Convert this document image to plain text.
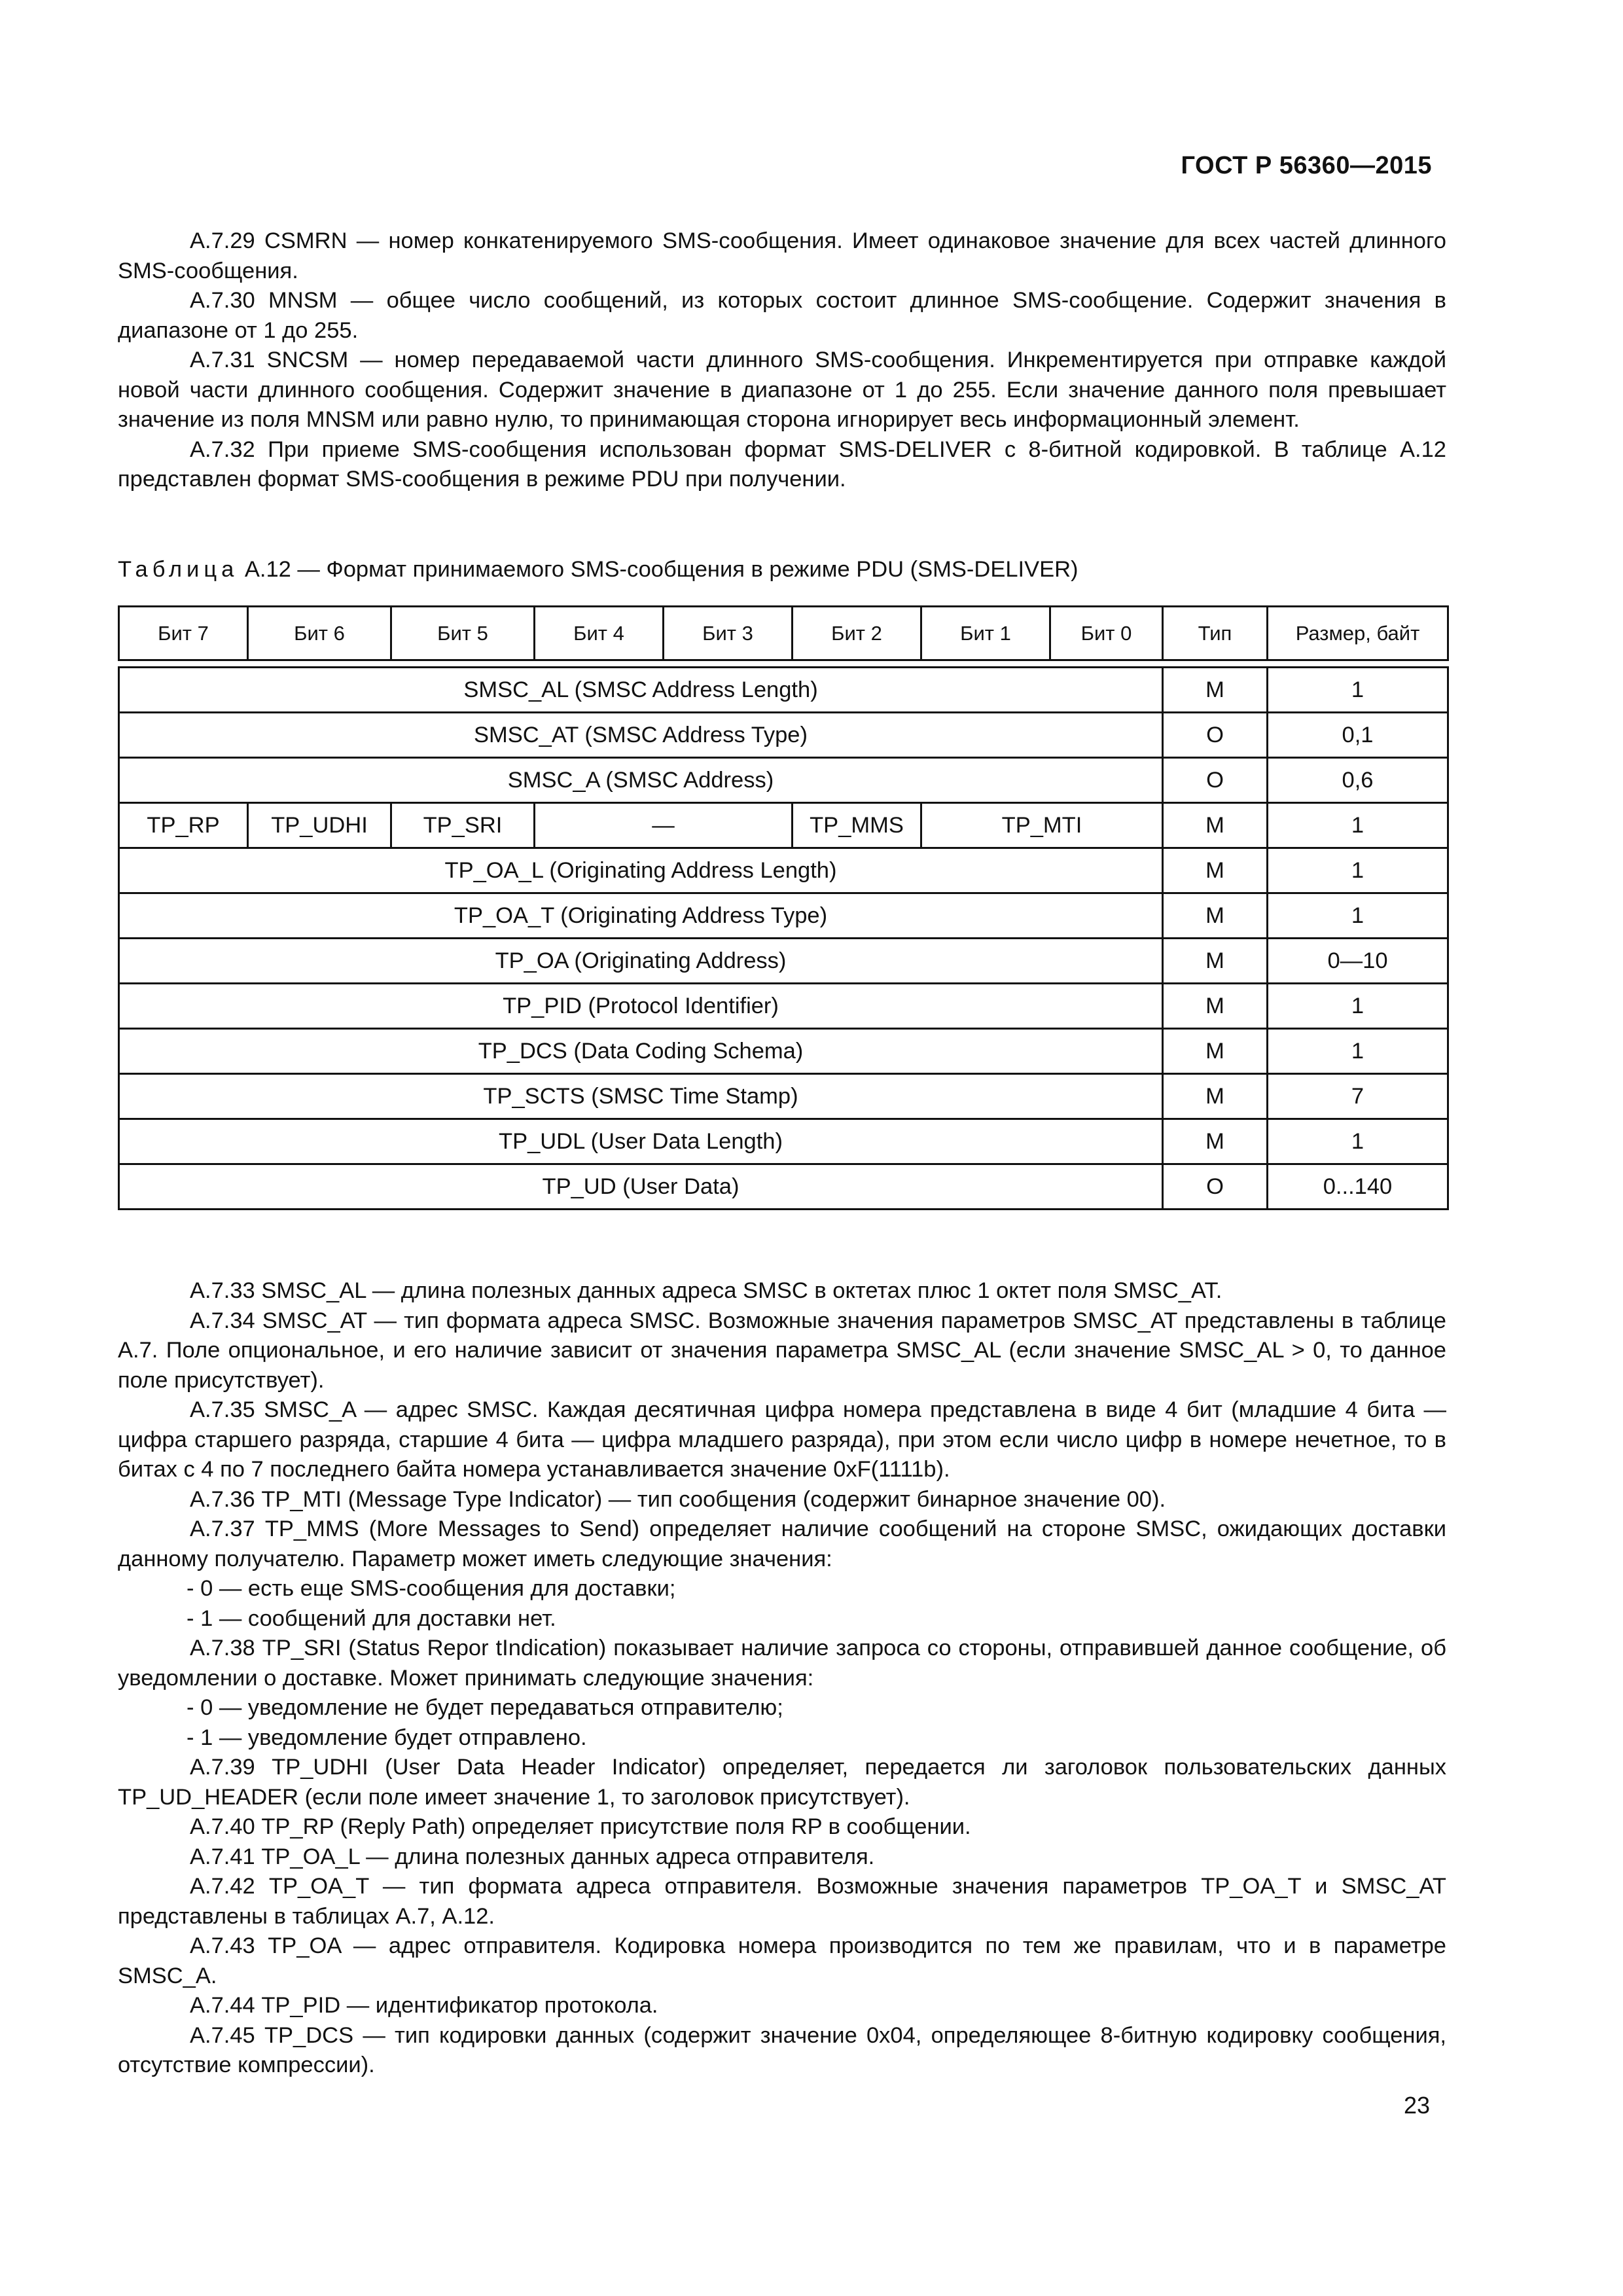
ГОСТ Р 56360—2015

А.7.29 CSMRN — номер конкатенируемого SMS-сообщения. Имеет одинаковое значение для всех частей длинного SMS-сообщения.

А.7.30 MNSM — общее число сообщений, из которых состоит длинное SMS-сообщение. Содержит значения в диапазоне от 1 до 255.

А.7.31 SNCSM — номер передаваемой части длинного SMS-сообщения. Инкрементируется при отправке каждой новой части длинного сообщения. Содержит значение в диапазоне от 1 до 255. Если значение данного поля превышает значение из поля MNSM или равно нулю, то принимающая сторона игнорирует весь информационный элемент.

А.7.32 При приеме SMS-сообщения использован формат SMS-DELIVER с 8-битной кодировкой. В таблице А.12 представлен формат SMS-сообщения в режиме PDU при получении.

Таблица А.12 — Формат принимаемого SMS-сообщения в режиме PDU (SMS-DELIVER)
Бит 7	Бит 6	Бит 5	Бит 4	Бит 3	Бит 2	Бит 1	Бит 0	Тип	Размер, байт

SMSC_AL (SMSC Address Length)								M	1
SMSC_AT (SMSC Address Type)								O	0,1
SMSC_A (SMSC Address)								O	0,6
TP_RP	TP_UDHI	TP_SRI	—		TP_MMS	TP_MTI		M	1
TP_OA_L (Originating Address Length)								M	1
TP_OA_T (Originating Address Type)								M	1
TP_OA (Originating Address)								M	0—10
TP_PID (Protocol Identifier)								M	1
TP_DCS (Data Coding Schema)								M	1
TP_SCTS (SMSC Time Stamp)								M	7
TP_UDL (User Data Length)								M	1
TP_UD (User Data)								O	0...140

А.7.33 SMSC_AL — длина полезных данных адреса SMSC в октетах плюс 1 октет поля SMSC_AT.

А.7.34 SMSC_AT — тип формата адреса SMSC. Возможные значения параметров SMSC_AT представлены в таблице А.7. Поле опциональное, и его наличие зависит от значения параметра SMSC_AL (если значение SMSC_AL > 0, то данное поле присутствует).

А.7.35 SMSC_A — адрес SMSC. Каждая десятичная цифра номера представлена в виде 4 бит (младшие 4 бита — цифра старшего разряда, старшие 4 бита — цифра младшего разряда), при этом если число цифр в номере нечетное, то в битах с 4 по 7 последнего байта номера устанавливается значение 0xF(1111b).

А.7.36 TP_MTI (Message Type Indicator) — тип сообщения (содержит бинарное значение 00).

А.7.37 TP_MMS (More Messages to Send) определяет наличие сообщений на стороне SMSC, ожидающих доставки данному получателю. Параметр может иметь следующие значения:

- 0 — есть еще SMS-сообщения для доставки;

- 1 — сообщений для доставки нет.

А.7.38 TP_SRI (Status Repor tIndication) показывает наличие запроса со стороны, отправившей данное сообщение, об уведомлении о доставке. Может принимать следующие значения:

- 0 — уведомление не будет передаваться отправителю;

- 1 — уведомление будет отправлено.

А.7.39 TP_UDHI (User Data Header Indicator) определяет, передается ли заголовок пользовательских данных TP_UD_HEADER (если поле имеет значение 1, то заголовок присутствует).

А.7.40 TP_RP (Reply Path) определяет присутствие поля RP в сообщении.

А.7.41 TP_OA_L — длина полезных данных адреса отправителя.

А.7.42 TP_OA_T — тип формата адреса отправителя. Возможные значения параметров TP_OA_T и SMSC_AT представлены в таблицах А.7, А.12.

А.7.43 TP_OA — адрес отправителя. Кодировка номера производится по тем же правилам, что и в параметре SMSC_A.

А.7.44 TP_PID — идентификатор протокола.

А.7.45 TP_DCS — тип кодировки данных (содержит значение 0x04, определяющее 8-битную кодировку сообщения, отсутствие компрессии).

23
